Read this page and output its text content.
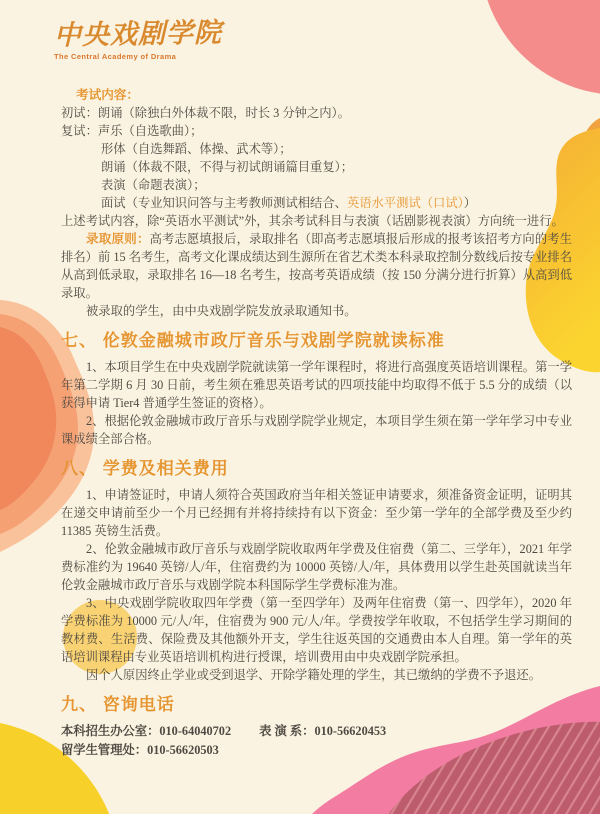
中央戏剧学院
The Central Academy of Drama

考试内容：

初试：朗诵（除独白外体裁不限，时长 3 分钟之内）。

复试：声乐（自选歌曲）；

形体（自选舞蹈、体操、武术等）；

朗诵（体裁不限，不得与初试朗诵篇目重复）；

表演（命题表演）；

面试（专业知识问答与主考教师测试相结合、英语水平测试（口试））

上述考试内容，除“英语水平测试”外，其余考试科目与表演（话剧影视表演）方向统一进行。

录取原则：高考志愿填报后，录取排名（即高考志愿填报后形成的报考该招考方向的考生排名）前 15 名考生，高考文化课成绩达到生源所在省艺术类本科录取控制分数线后按专业排名从高到低录取，录取排名 16—18 名考生，按高考英语成绩（按 150 分满分进行折算）从高到低录取。

被录取的学生，由中央戏剧学院发放录取通知书。

七、 伦敦金融城市政厅音乐与戏剧学院就读标准

1、本项目学生在中央戏剧学院就读第一学年课程时，将进行高强度英语培训课程。第一学年第二学期 6 月 30 日前，考生须在雅思英语考试的四项技能中均取得不低于 5.5 分的成绩（以获得申请 Tier4 普通学生签证的资格）。

2、根据伦敦金融城市政厅音乐与戏剧学院学业规定，本项目学生须在第一学年学习中专业课成绩全部合格。

八、 学费及相关费用

1、申请签证时，申请人须符合英国政府当年相关签证申请要求，须准备资金证明，证明其在递交申请前至少一个月已经拥有并将持续持有以下资金：至少第一学年的全部学费及至少约 11385 英镑生活费。

2、伦敦金融城市政厅音乐与戏剧学院收取两年学费及住宿费（第二、三学年），2021 年学费标准约为 19640 英镑/人/年，住宿费约为 10000 英镑/人/年，具体费用以学生赴英国就读当年伦敦金融城市政厅音乐与戏剧学院本科国际学生学费标准为准。

3、中央戏剧学院收取四年学费（第一至四学年）及两年住宿费（第一、四学年），2020 年学费标准为 10000 元/人/年，住宿费为 900 元/人/年。学费按学年收取，不包括学生学习期间的教材费、生活费、保险费及其他额外开支，学生往返英国的交通费由本人自理。第一学年的英语培训课程由专业英语培训机构进行授课，培训费用由中央戏剧学院承担。

因个人原因终止学业或受到退学、开除学籍处理的学生，其已缴纳的学费不予退还。

九、 咨询电话

本科招生办公室：010-64040702 表 演 系：010-56620453

留学生管理处：010-56620503
